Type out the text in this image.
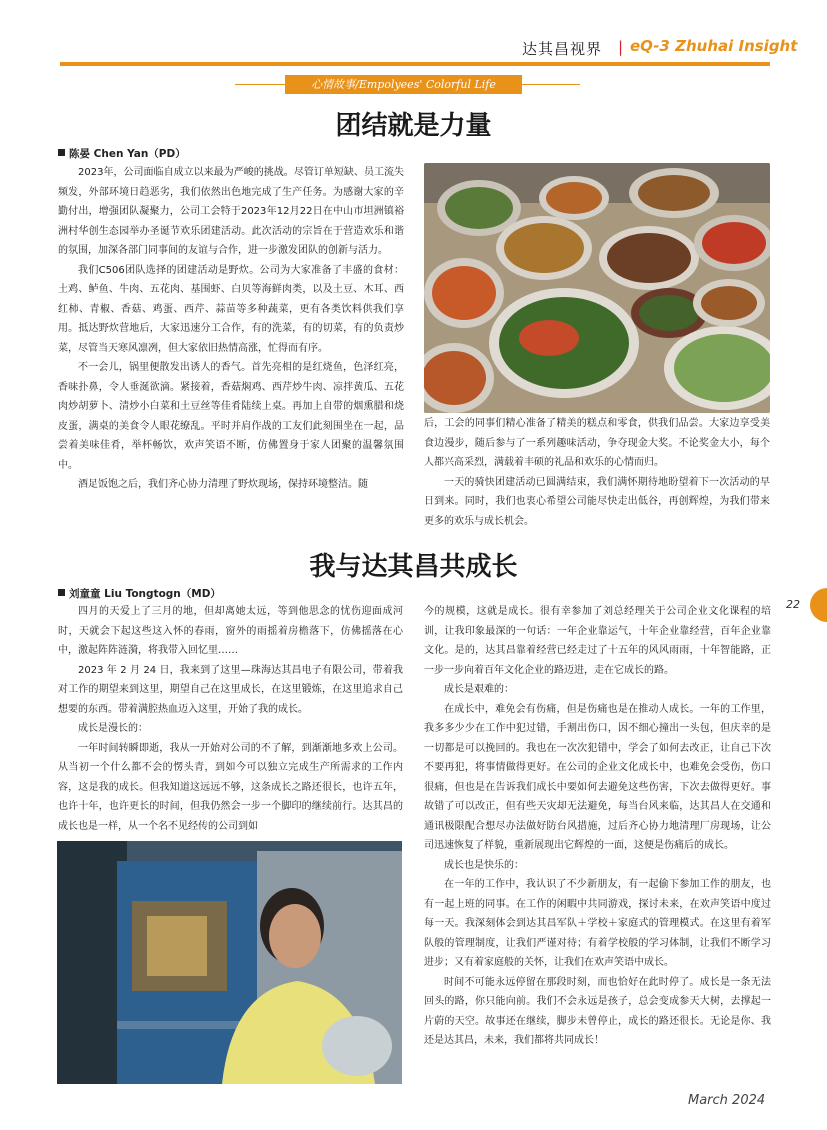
达其昌视界 | eQ-3 Zhuhai Insight
心情故事/Empolyees' Colorful Life
团结就是力量
陈晏 Chen Yan（PD）

2023年，公司面临自成立以来最为严峻的挑战。尽管订单短缺、员工流失频发，外部环境日趋恶劣，我们依然出色地完成了生产任务。为感谢大家的辛勤付出，增强团队凝聚力，公司工会特于2023年12月22日在中山市坦洲镇裕洲村华创生态园举办圣诞节欢乐团建活动。此次活动的宗旨在于营造欢乐和谐的氛围，加深各部门同事间的友谊与合作，进一步激发团队的创新与活力。

我们C506团队选择的团建活动是野炊。公司为大家准备了丰盛的食材：土鸡、鲈鱼、牛肉、五花肉、基围虾、白贝等海鲜肉类，以及土豆、木耳、西红柿、青椒、香菇、鸡蛋、西芹、蒜苗等多种蔬菜，更有各类饮料供我们享用。抵达野炊营地后，大家迅速分工合作，有的洗菜，有的切菜，有的负责炒菜，尽管当天寒风凛冽，但大家依旧热情高涨，忙得而有序。

不一会儿，锅里便散发出诱人的香气。首先亮相的是红烧鱼，色泽红亮，香味扑鼻，令人垂涎欲滴。紧接着，香菇焖鸡、西芹炒牛肉、凉拌黄瓜、五花肉炒胡萝卜、清炒小白菜和土豆丝等佳肴陆续上桌。再加上自带的烟熏腊和烧皮蛋，满桌的美食令人眼花缭乱。平时并肩作战的工友们此刻围坐在一起，品尝着美味佳肴，举杯畅饮，欢声笑语不断，仿佛置身于家人团聚的温馨氛围中。

酒足饭饱之后，我们齐心协力清理了野炊现场，保持环境整洁。随

后，工会的同事们精心准备了精美的糕点和零食，供我们品尝。大家边享受美食边漫步，随后参与了一系列趣味活动，争夺现金大奖。不论奖金大小，每个人都兴高采烈，满载着丰硕的礼品和欢乐的心情而归。

一天的骑快团建活动已圆满结束，我们满怀期待地盼望着下一次活动的早日到来。同时，我们也衷心希望公司能尽快走出低谷，再创辉煌，为我们带来更多的欢乐与成长机会。

我与达其昌共成长
刘童童 Liu Tongtogn（MD）

四月的天爱上了三月的地，但却离她太远，等到他思念的忧伤迎面成河时，天就会下起这些这入怀的春雨，窗外的雨摇着房檐落下，仿佛摇落在心中，激起阵阵涟漪，将我带入回忆里……

2023 年 2 月 24 日，我来到了这里—珠海达其昌电子有限公司，带着我对工作的期望来到这里，期望自己在这里成长，在这里锻炼，在这里追求自己想要的东西。带着满腔热血迈入这里，开始了我的成长。

成长是漫长的：

一年时间转瞬即逝，我从一开始对公司的不了解，到渐渐地多欢上公司。从当初一个什么都不会的愣头青，到如今可以独立完成生产所需求的工作内容，这是我的成长。但我知道这远远不够，这条成长之路还很长，也许五年，也许十年，也许更长的时间，但我仍然会一步一个脚印的继续前行。达其昌的成长也是一样，从一个名不见经传的公司到如

今的规模，这就是成长。很有幸参加了刘总经理关于公司企业文化课程的培训，让我印象最深的一句话：一年企业靠运气，十年企业靠经营，百年企业靠文化。是的，达其昌靠着经营已经走过了十五年的风风雨雨，十年智能路，正一步一步向着百年文化企业的路迈进，走在它成长的路。

成长是艰难的：

在成长中，难免会有伤痛，但是伤痛也是在推动人成长。一年的工作里，我多多少少在工作中犯过错，手割出伤口，因不细心撞出一头包，但庆幸的是一切都是可以挽回的。我也在一次次犯错中，学会了如何去改正，让自己下次不要再犯，将事情做得更好。在公司的企业文化成长中，也难免会受伤，伤口很痛，但也是在告诉我们成长中要如何去避免这些伤害，下次去做得更好。事故错了可以改正，但有些天灾却无法避免，每当台风来临，达其昌人在交通和通讯极限配合想尽办法做好防台风措施，过后齐心协力地清理厂房现场，让公司迅速恢复了样貌，重新展现出它辉煌的一面，这便是伤痛后的成长。

成长也是快乐的：

在一年的工作中，我认识了不少新朋友，有一起偷下参加工作的朋友，也有一起上班的同事。在工作的闲暇中共同游戏，探讨未来，在欢声笑语中度过每一天。我深刻体会到达其昌军队＋学校＋家庭式的管理模式。在这里有着军队般的管理制度，让我们严谨对待；有着学校般的学习体制，让我们不断学习进步；又有着家庭般的关怀，让我们在欢声笑语中成长。

时间不可能永远停留在那段时刻，而也恰好在此时停了。成长是一条无法回头的路，你只能向前。我们不会永远是孩子，总会变成参天大树，去撑起一片蔚的天空。故事还在继续，脚步未曾停止，成长的路还很长。无论是你、我还是达其昌，未来，我们都将共同成长！

22
March 2024
